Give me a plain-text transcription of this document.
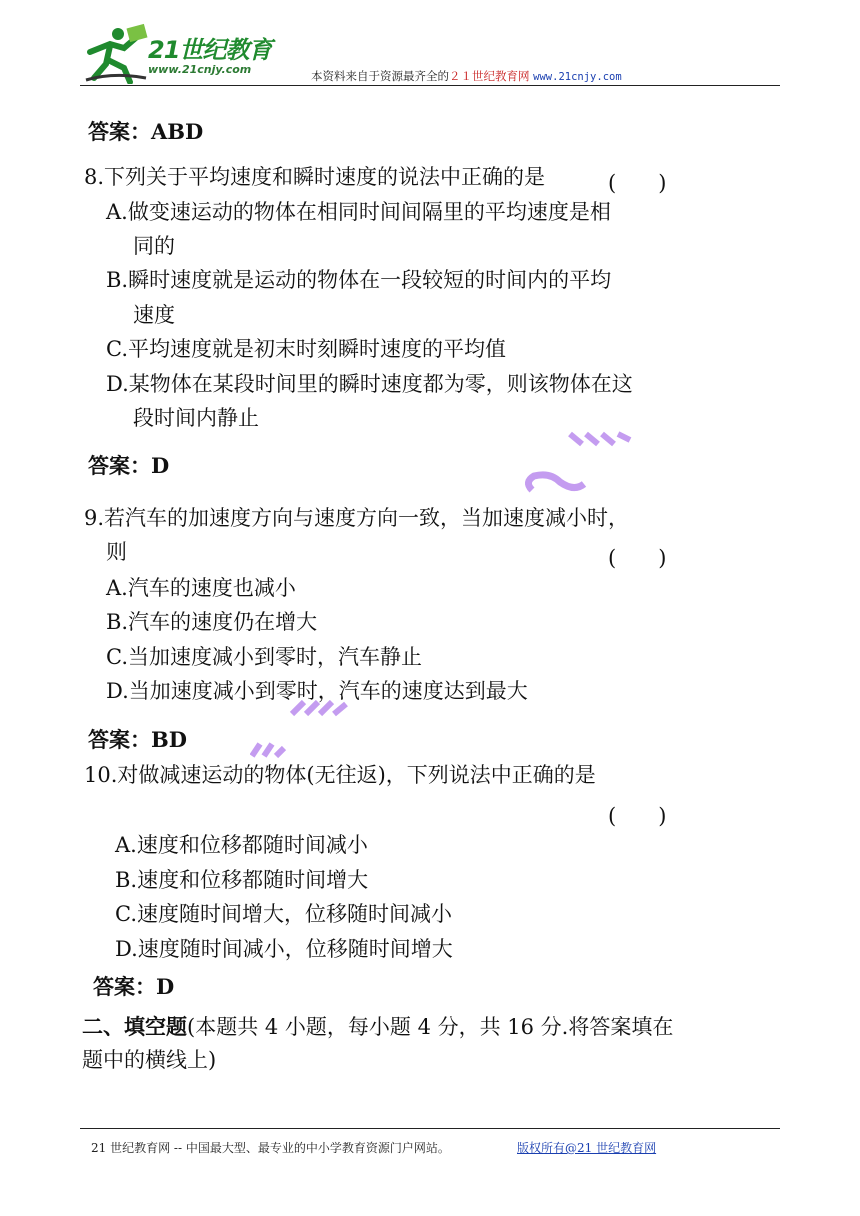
21世纪教育
www.21cnjy.com	本资料来自于资源最齐全的２１世纪教育网 www.21cnjy.com
答案：ABD
8.下列关于平均速度和瞬时速度的说法中正确的是	(　　)
A.做变速运动的物体在相同时间间隔里的平均速度是相
同的
B.瞬时速度就是运动的物体在一段较短的时间内的平均
速度
C.平均速度就是初末时刻瞬时速度的平均值
D.某物体在某段时间里的瞬时速度都为零，则该物体在这
段时间内静止
答案：D
9.若汽车的加速度方向与速度方向一致，当加速度减小时，
则	(　　)
A.汽车的速度也减小
B.汽车的速度仍在增大
C.当加速度减小到零时，汽车静止
D.当加速度减小到零时，汽车的速度达到最大
答案：BD
10.对做减速运动的物体(无往返)，下列说法中正确的是
(　　)
A.速度和位移都随时间减小
B.速度和位移都随时间增大
C.速度随时间增大，位移随时间减小
D.速度随时间减小，位移随时间增大
答案：D
二、填空题(本题共 4 小题，每小题 4 分，共 16 分.将答案填在
题中的横线上)
21 世纪教育网 -- 中国最大型、最专业的中小学教育资源门户网站。	版权所有@21 世纪教育网
